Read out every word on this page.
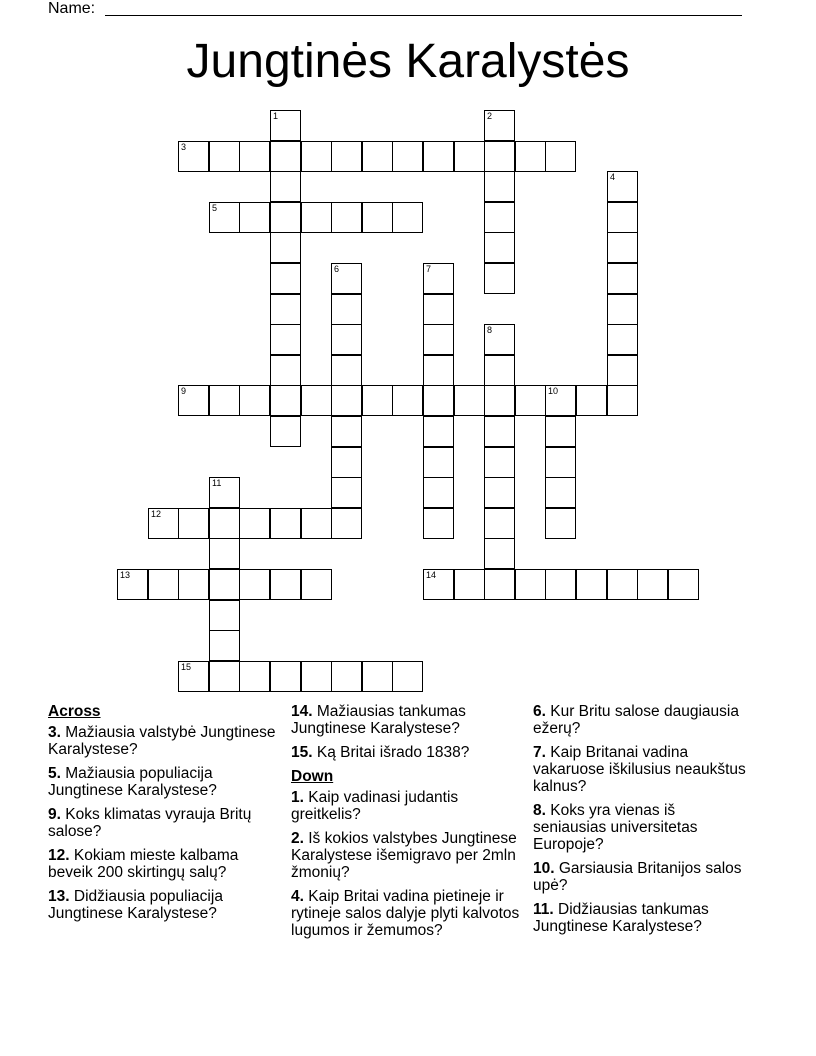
Name:
Jungtinės Karalystės
1	2
3
4
5
6	7
8
9	10
11
12
13	14
15
Across
3. Mažiausia valstybė Jungtinese Karalystese?
5. Mažiausia populiacija Jungtinese Karalystese?
9. Koks klimatas vyrauja Britų salose?
12. Kokiam mieste kalbama beveik 200 skirtingų salų?
13. Didžiausia populiacija Jungtinese Karalystese?
14. Mažiausias tankumas Jungtinese Karalystese?
15. Ką Britai išrado 1838?
Down
1. Kaip vadinasi judantis greitkelis?
2. Iš kokios valstybes Jungtinese Karalystese išemigravo per 2mln žmonių?
4. Kaip Britai vadina pietineje ir rytineje salos dalyje plyti kalvotos lugumos ir žemumos?
6. Kur Britu salose daugiausia ežerų?
7. Kaip Britanai vadina vakaruose iškilusius neaukštus kalnus?
8. Koks yra vienas iš seniausias universitetas Europoje?
10. Garsiausia Britanijos salos upė?
11. Didžiausias tankumas Jungtinese Karalystese?
